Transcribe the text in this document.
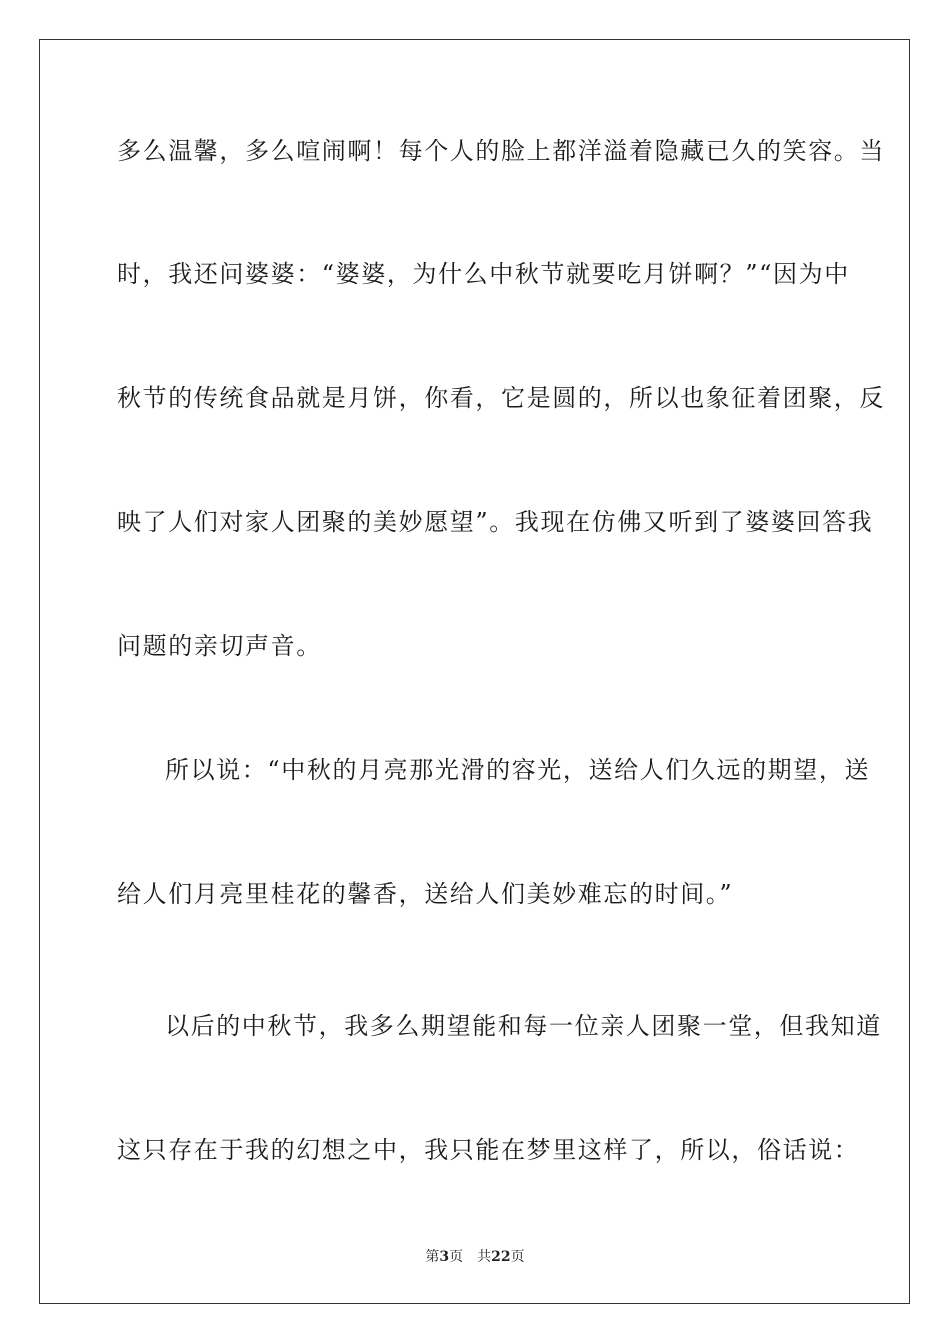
多么温馨，多么喧闹啊！每个人的脸上都洋溢着隐藏已久的笑容。当
时，我还问婆婆：“婆婆，为什么中秋节就要吃月饼啊？”“因为中
秋节的传统食品就是月饼，你看，它是圆的，所以也象征着团聚，反
映了人们对家人团聚的美妙愿望”。我现在仿佛又听到了婆婆回答我
问题的亲切声音。
所以说：“中秋的月亮那光滑的容光，送给人们久远的期望，送
给人们月亮里桂花的馨香，送给人们美妙难忘的时间。”
以后的中秋节，我多么期望能和每一位亲人团聚一堂，但我知道
这只存在于我的幻想之中，我只能在梦里这样了，所以，俗话说：
第3页 共22页
